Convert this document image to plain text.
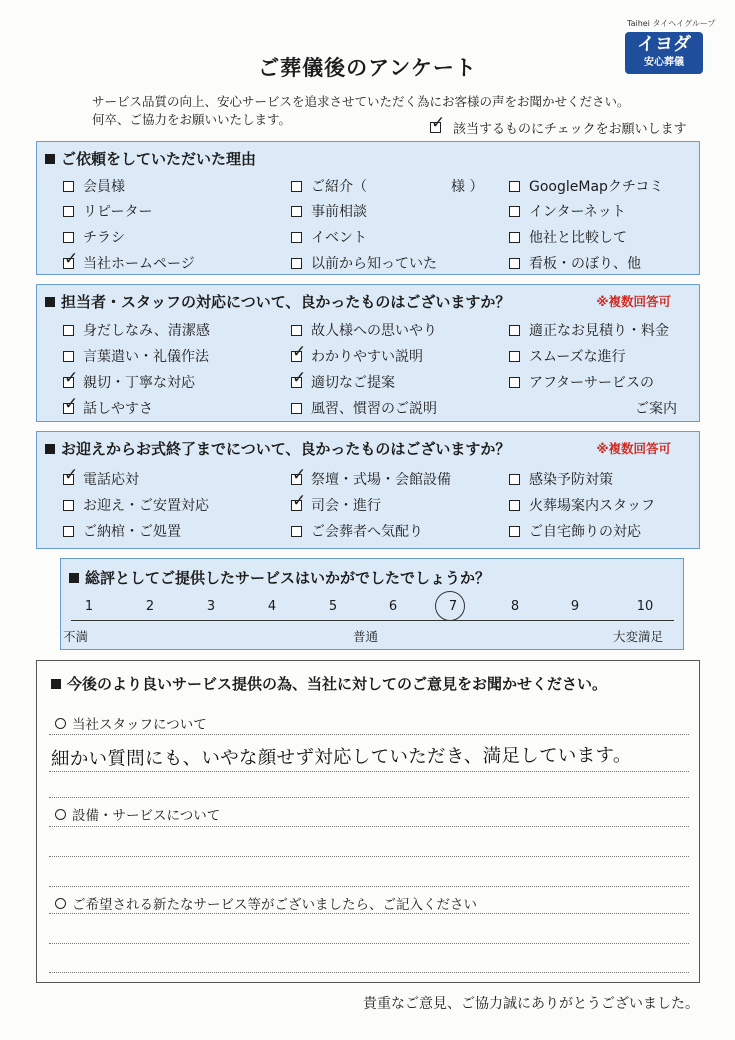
ご葬儀後のアンケート
Taihei タイヘイグループ
イヨダ
安心葬儀
サービス品質の向上、安心サービスを追求させていただく為にお客様の声をお聞かせください。
何卒、ご協力をお願いいたします。
✓
該当するものにチェックをお願いします
ご依頼をしていただいた理由
会員様	ご紹介（　　　　　　様 ）	GoogleMapクチコミ
リピーター	事前相談	インターネット
チラシ	イベント	他社と比較して
✓
当社ホームページ	以前から知っていた	看板・のぼり、他
担当者・スタッフの対応について、良かったものはございますか？	※複数回答可
身だしなみ、清潔感	故人様への思いやり	適正なお見積り・料金
言葉遣い・礼儀作法 ✓	わかりやすい説明	スムーズな進行
✓
親切・丁寧な対応 ✓	適切なご提案	アフターサービスの
✓
話しやすさ	風習、慣習のご説明	ご案内
お迎えからお式終了までについて、良かったものはございますか？	※複数回答可
✓
電話応対 ✓	祭壇・式場・会館設備	感染予防対策
お迎え・ご安置対応 ✓	司会・進行	火葬場案内スタッフ
ご納棺・ご処置	ご会葬者へ気配り	ご自宅飾りの対応
総評としてご提供したサービスはいかがでしたでしょうか？
1	2	3	4	5	6	7	8	9	10
不満	普通	大変満足
今後のより良いサービス提供の為、当社に対してのご意見をお聞かせください。
当社スタッフについて
細かい質問にも、いやな顔せず対応していただき、満足しています。
設備・サービスについて
ご希望される新たなサービス等がございましたら、ご記入ください
貴重なご意見、ご協力誠にありがとうございました。
